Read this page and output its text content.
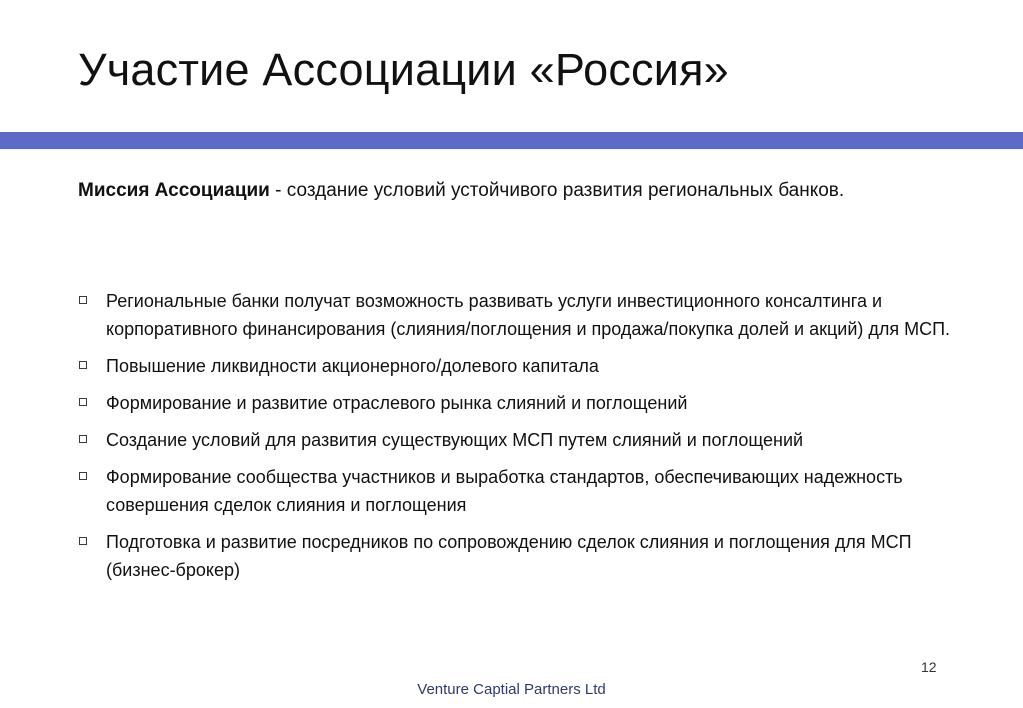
Участие Ассоциации «Россия»

Миссия Ассоциации - создание условий устойчивого развития региональных банков.

Региональные банки получат возможность развивать услуги инвестиционного консалтинга и корпоративного финансирования (слияния/поглощения и продажа/покупка долей и акций) для МСП.
Повышение ликвидности акционерного/долевого капитала
Формирование и развитие отраслевого рынка слияний и поглощений
Создание условий для развития существующих МСП путем слияний и поглощений
Формирование сообщества участников и выработка стандартов, обеспечивающих надежность совершения сделок слияния и поглощения
Подготовка и развитие посредников по сопровождению сделок слияния и поглощения для МСП (бизнес-брокер)
12
Venture Captial Partners Ltd
